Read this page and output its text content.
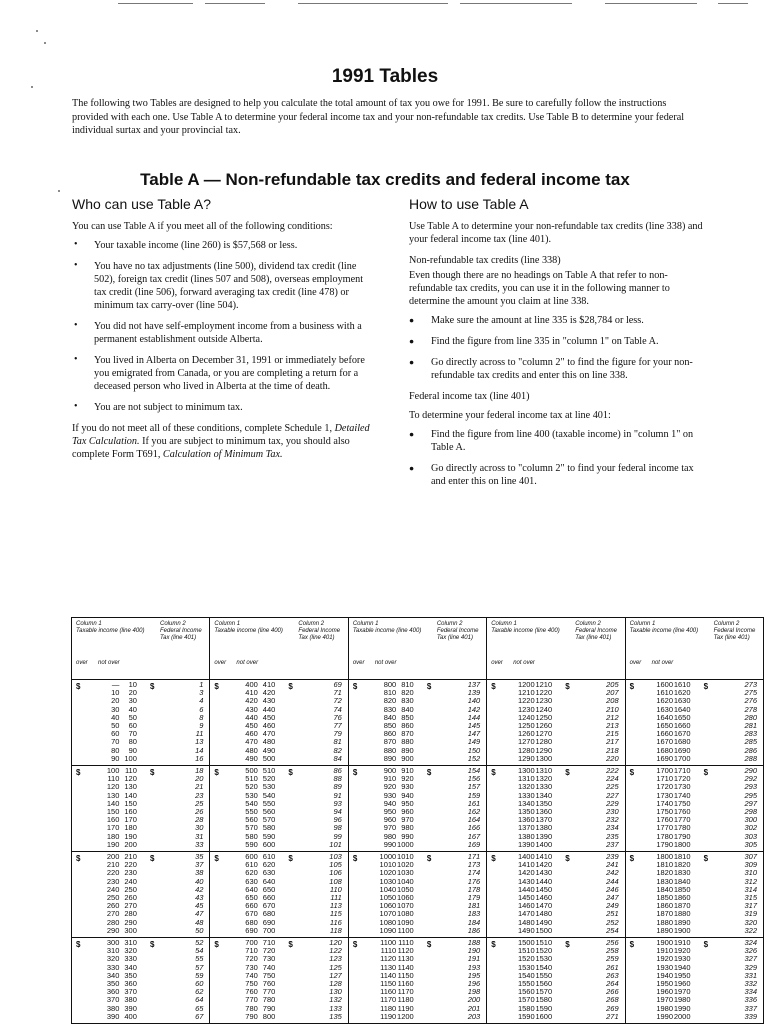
1991 Tables

The following two Tables are designed to help you calculate the total amount of tax you owe for 1991. Be sure to carefully follow the instructions provided with each one. Use Table A to determine your federal income tax and your non-refundable tax credits. Use Table B to determine your federal individual surtax and your provincial tax.

Table A — Non-refundable tax credits and federal income tax
Who can use Table A?

You can use Table A if you meet all of the following conditions:

• Your taxable income (line 260) is $57,568 or less.
• You have no tax adjustments (line 500), dividend tax credit (line 502), foreign tax credit (lines 507 and 508), overseas employment tax credit (line 506), forward averaging tax credit (line 478) or minimum tax carry-over (line 504).
• You did not have self-employment income from a business with a permanent establishment outside Alberta.
• You lived in Alberta on December 31, 1991 or immediately before you emigrated from Canada, or you are completing a return for a deceased person who lived in Alberta at the time of death.
• You are not subject to minimum tax.

If you do not meet all of these conditions, complete Schedule 1, Detailed Tax Calculation. If you are subject to minimum tax, you should also complete Form T691, Calculation of Minimum Tax.

How to use Table A

Use Table A to determine your non-refundable tax credits (line 338) and your federal income tax (line 401).

Non-refundable tax credits (line 338)

Even though there are no headings on Table A that refer to non-refundable tax credits, you can use it in the following manner to determine the amount you claim at line 338.

● Make sure the amount at line 335 is $28,784 or less.
● Find the figure from line 335 in "column 1" on Table A.
● Go directly across to "column 2" to find the figure for your non-refundable tax credits and enter this on line 338.

Federal income tax (line 401)

To determine your federal income tax at line 401:

● Find the figure from line 400 (taxable income) in "column 1" on Table A.
● Go directly across to "column 2" to find your federal income tax and enter this on line 401.
Column 1
Taxable income (line 400)
Column 2
Federal Income Tax (line 401)
over not over
$	$
— 10 	1
10 20 	3
20 30 	4
30 40 	6
40 50 	8
50 60 	9
60 70 	11
70 80 	13
80 90 	14
90 100 	16
$	$
100 110 	18
110 120 	20
120 130 	21
130 140 	23
140 150 	25
150 160 	26
160 170 	28
170 180 	30
180 190 	31
190 200 	33
$	$
200 210 	35
210 220 	37
220 230 	38
230 240 	40
240 250 	42
250 260 	43
260 270 	45
270 280 	47
280 290 	48
290 300 	50
$	$
300 310 	52
310 320 	54
320 330 	55
330 340 	57
340 350 	59
350 360 	60
360 370 	62
370 380 	64
380 390 	65
390 400 	67
Column 1
Taxable income (line 400)
Column 2
Federal Income Tax (line 401)
over not over
$	$
400 410 	69
410 420 	71
420 430 	72
430 440 	74
440 450 	76
450 460 	77
460 470 	79
470 480 	81
480 490 	82
490 500 	84
$	$
500 510 	86
510 520 	88
520 530 	89
530 540 	91
540 550 	93
550 560 	94
560 570 	96
570 580 	98
580 590 	99
590 600 	101
$	$
600 610 	103
610 620 	105
620 630 	106
630 640 	108
640 650 	110
650 660 	111
660 670 	113
670 680 	115
680 690 	116
690 700 	118
$	$
700 710 	120
710 720 	122
720 730 	123
730 740 	125
740 750 	127
750 760 	128
760 770 	130
770 780 	132
780 790 	133
790 800 	135
Column 1
Taxable income (line 400)
Column 2
Federal Income Tax (line 401)
over not over
$	$
800 810 	137
810 820 	139
820 830 	140
830 840 	142
840 850 	144
850 860 	145
860 870 	147
870 880 	149
880 890 	150
890 900 	152
$	$
900 910 	154
910 920 	156
920 930 	157
930 940 	159
940 950 	161
950 960 	162
960 970 	164
970 980 	166
980 990 	167
990 1000 	169
$	$
1000 1010 	171
1010 1020 	173
1020 1030 	174
1030 1040 	176
1040 1050 	178
1050 1060 	179
1060 1070 	181
1070 1080 	183
1080 1090 	184
1090 1100 	186
$	$
1100 1110 	188
1110 1120 	190
1120 1130 	191
1130 1140 	193
1140 1150 	195
1150 1160 	196
1160 1170 	198
1170 1180 	200
1180 1190 	201
1190 1200 	203
Column 1
Taxable income (line 400)
Column 2
Federal Income Tax (line 401)
over not over
$	$
1200 1210 	205
1210 1220 	207
1220 1230 	208
1230 1240 	210
1240 1250 	212
1250 1260 	213
1260 1270 	215
1270 1280 	217
1280 1290 	218
1290 1300 	220
$	$
1300 1310 	222
1310 1320 	224
1320 1330 	225
1330 1340 	227
1340 1350 	229
1350 1360 	230
1360 1370 	232
1370 1380 	234
1380 1390 	235
1390 1400 	237
$	$
1400 1410 	239
1410 1420 	241
1420 1430 	242
1430 1440 	244
1440 1450 	246
1450 1460 	247
1460 1470 	249
1470 1480 	251
1480 1490 	252
1490 1500 	254
$	$
1500 1510 	256
1510 1520 	258
1520 1530 	259
1530 1540 	261
1540 1550 	263
1550 1560 	264
1560 1570 	266
1570 1580 	268
1580 1590 	269
1590 1600 	271
Column 1
Taxable income (line 400)
Column 2
Federal Income Tax (line 401)
over not over
$	$
1600 1610 	273
1610 1620 	275
1620 1630 	276
1630 1640 	278
1640 1650 	280
1650 1660 	281
1660 1670 	283
1670 1680 	285
1680 1690 	286
1690 1700 	288
$	$
1700 1710 	290
1710 1720 	292
1720 1730 	293
1730 1740 	295
1740 1750 	297
1750 1760 	298
1760 1770 	300
1770 1780 	302
1780 1790 	303
1790 1800 	305
$	$
1800 1810 	307
1810 1820 	309
1820 1830 	310
1830 1840 	312
1840 1850 	314
1850 1860 	315
1860 1870 	317
1870 1880 	319
1880 1890 	320
1890 1900 	322
$	$
1900 1910 	324
1910 1920 	326
1920 1930 	327
1930 1940 	329
1940 1950 	331
1950 1960 	332
1960 1970 	334
1970 1980 	336
1980 1990 	337
1990 2000 	339
